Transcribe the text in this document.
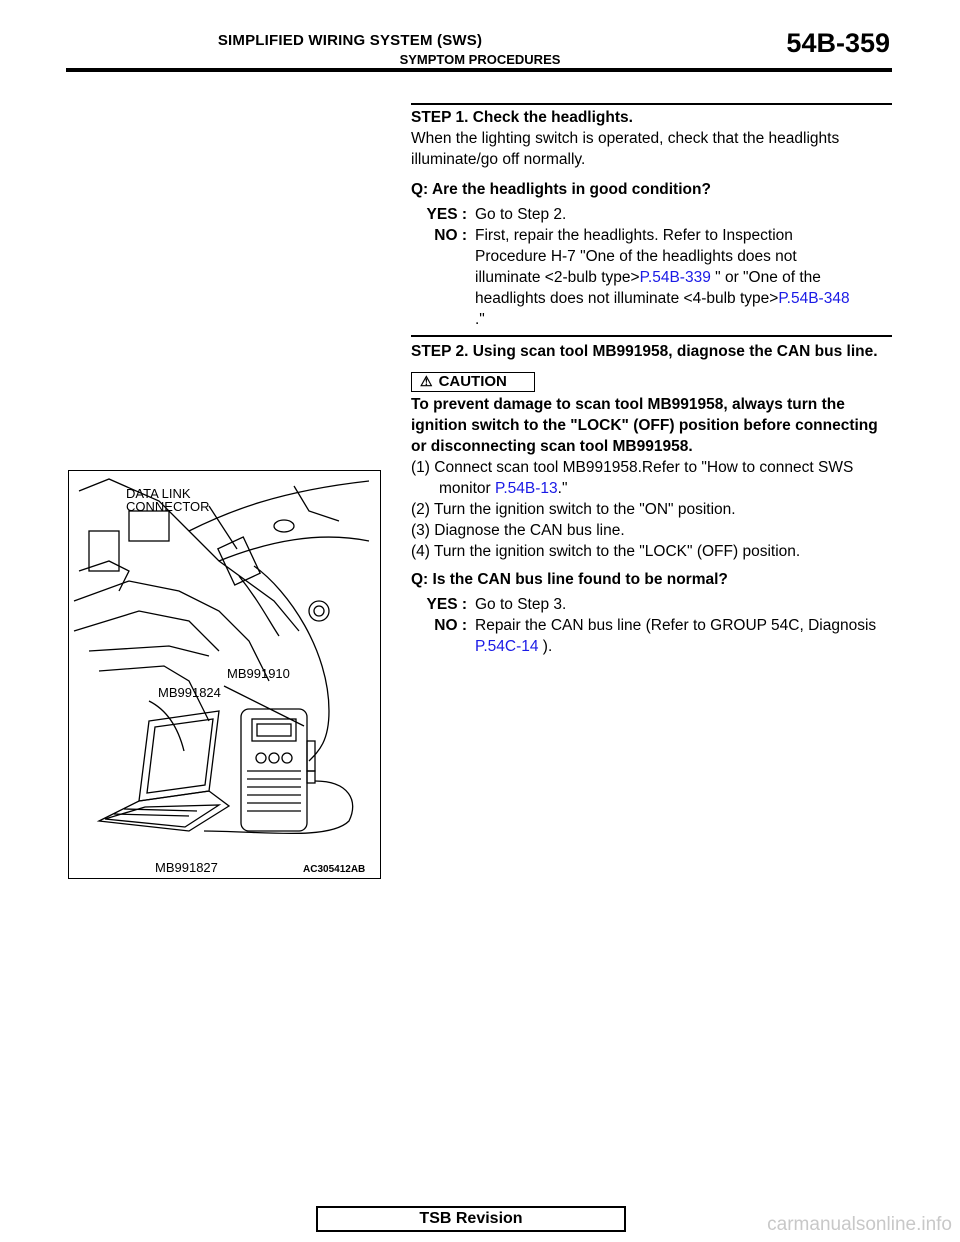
SIMPLIFIED WIRING SYSTEM (SWS)
SYMPTOM PROCEDURES
54B-359
STEP 1. Check the headlights.
When the lighting switch is operated, check that the headlights illuminate/go off normally.
Q: Are the headlights in good condition?
YES : Go to Step 2.
NO : First, repair the headlights. Refer to Inspection Procedure H-7 "One of the headlights does not illuminate <2-bulb type>P.54B-339 " or "One of the headlights does not illuminate <4-bulb type>P.54B-348 ."
STEP 2. Using scan tool MB991958, diagnose the CAN bus line.
⚠ CAUTION
To prevent damage to scan tool MB991958, always turn the ignition switch to the "LOCK" (OFF) position before connecting or disconnecting scan tool MB991958.
(1) Connect scan tool MB991958.Refer to "How to connect SWS monitor P.54B-13."
(2) Turn the ignition switch to the "ON" position.
(3) Diagnose the CAN bus line.
(4) Turn the ignition switch to the "LOCK" (OFF) position.
Q: Is the CAN bus line found to be normal?
YES : Go to Step 3.
NO : Repair the CAN bus line (Refer to GROUP 54C, Diagnosis P.54C-14 ).
DATA LINK
CONNECTOR
MB991910
MB991824
MB991827	AC305412AB
TSB Revision	carmanualsonline.info
